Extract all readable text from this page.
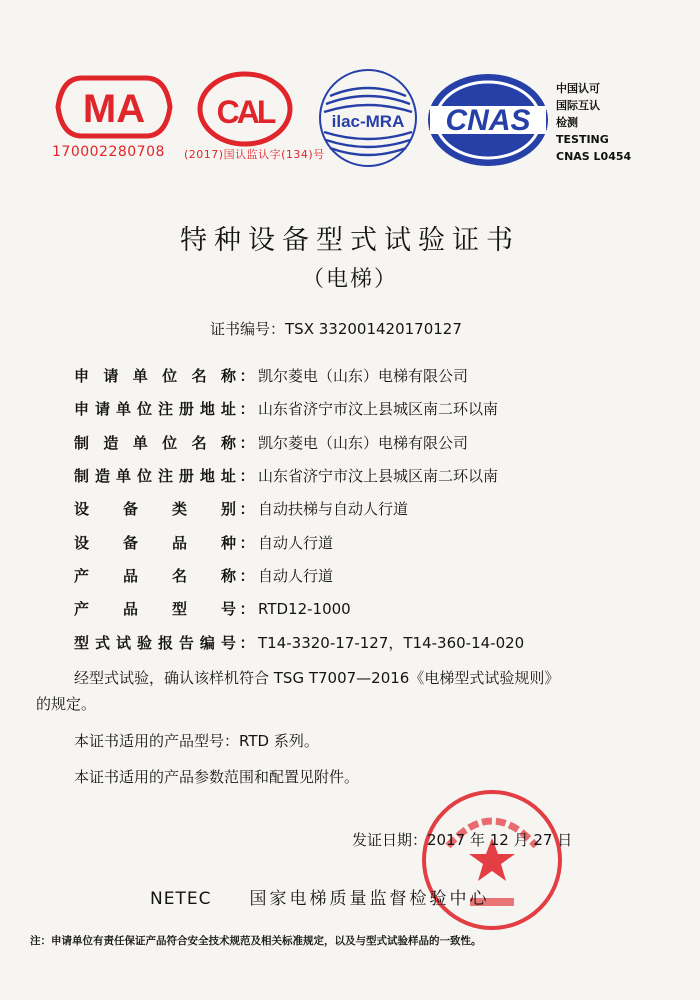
MA
170002280708
CAL
(2017)国认监认字(134)号
ilac-MRA CNAS
中国认可
国际互认
检测
TESTING
CNAS L0454
特种设备型式试验证书
（电梯）
证书编号：TSX 332001420170127
申 请 单 位 名 称 ： 凯尔菱电（山东）电梯有限公司
申 请 单 位 注 册 地 址 ： 山东省济宁市汶上县城区南二环以南
制 造 单 位 名 称 ： 凯尔菱电（山东）电梯有限公司
制 造 单 位 注 册 地 址 ： 山东省济宁市汶上县城区南二环以南
设 备 类 别 ： 自动扶梯与自动人行道
设 备 品 种 ： 自动人行道
产 品 名 称 ： 自动人行道
产 品 型 号 ： RTD12-1000
型 式 试 验 报 告 编 号 ： T14-3320-17-127，T14-360-14-020
经型式试验，确认该样机符合 TSG T7007—2016《电梯型式试验规则》
的规定。
本证书适用的产品型号：RTD 系列。
本证书适用的产品参数范围和配置见附件。
发证日期：2017 年 12 月 27 日
NETEC 国家电梯质量监督检验中心
注：申请单位有责任保证产品符合安全技术规范及相关标准规定，以及与型式试验样品的一致性。
